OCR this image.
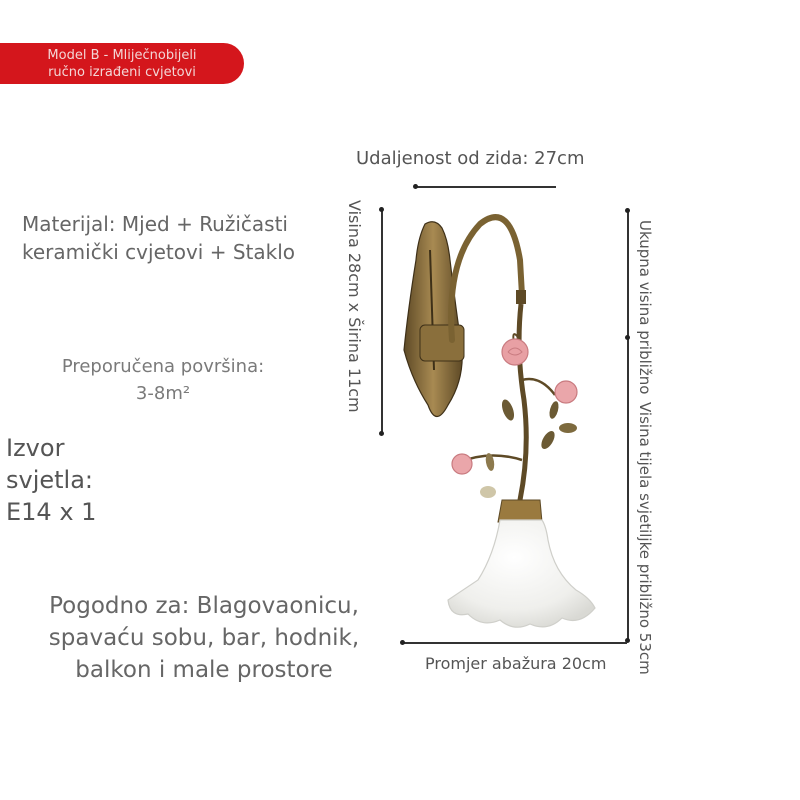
Model B - Mliječnobijeli
ručno izrađeni cvjetovi

Udaljenost od zida: 27cm

Materijal: Mjed + Ružičasti
keramički cvjetovi + Staklo
Preporučena površina:
3-8m²
Izvor
svjetla:
E14 x 1
Pogodno za: Blagovaonicu,
spavaću sobu, bar, hodnik,
balkon i male prostore

Visina 28cm x Širina 11cm	Ukupna visina približno
Visina tijela svjetiljke približno 53cm

Promjer abažura 20cm
